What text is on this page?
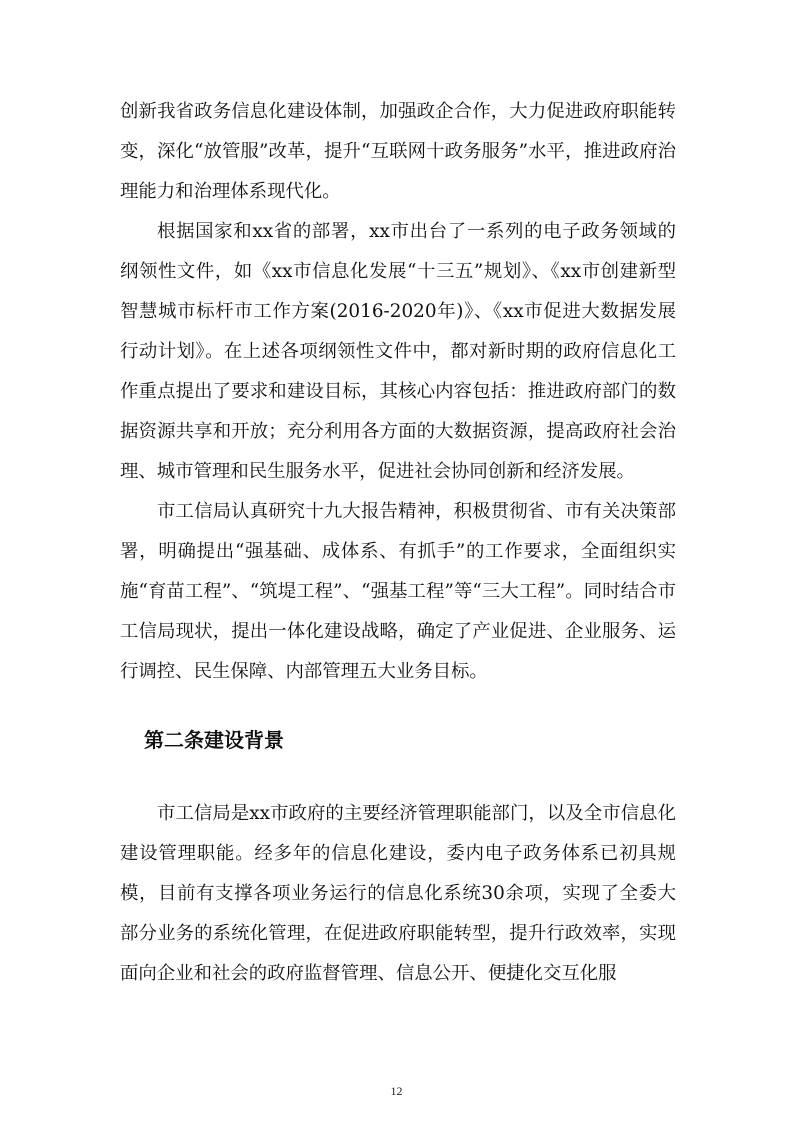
创新我省政务信息化建设体制，加强政企合作，大力促进政府职能转变，深化“放管服”改革，提升“互联网十政务服务”水平，推进政府治理能力和治理体系现代化。

根据国家和xx省的部署，xx市出台了一系列的电子政务领域的纲领性文件，如《xx市信息化发展“十三五”规划》、《xx市创建新型智慧城市标杆市工作方案(2016-2020年)》、《xx市促进大数据发展行动计划》。在上述各项纲领性文件中，都对新时期的政府信息化工作重点提出了要求和建设目标，其核心内容包括：推进政府部门的数据资源共享和开放；充分利用各方面的大数据资源，提高政府社会治理、城市管理和民生服务水平，促进社会协同创新和经济发展。

市工信局认真研究十九大报告精神，积极贯彻省、市有关决策部署，明确提出“强基础、成体系、有抓手”的工作要求，全面组织实施“育苗工程”、“筑堤工程”、“强基工程”等“三大工程”。同时结合市工信局现状，提出一体化建设战略，确定了产业促进、企业服务、运行调控、民生保障、内部管理五大业务目标。

第二条建设背景

市工信局是xx市政府的主要经济管理职能部门，以及全市信息化建设管理职能。经多年的信息化建设，委内电子政务体系已初具规模，目前有支撑各项业务运行的信息化系统30余项，实现了全委大部分业务的系统化管理，在促进政府职能转型，提升行政效率，实现面向企业和社会的政府监督管理、信息公开、便捷化交互化服

12
